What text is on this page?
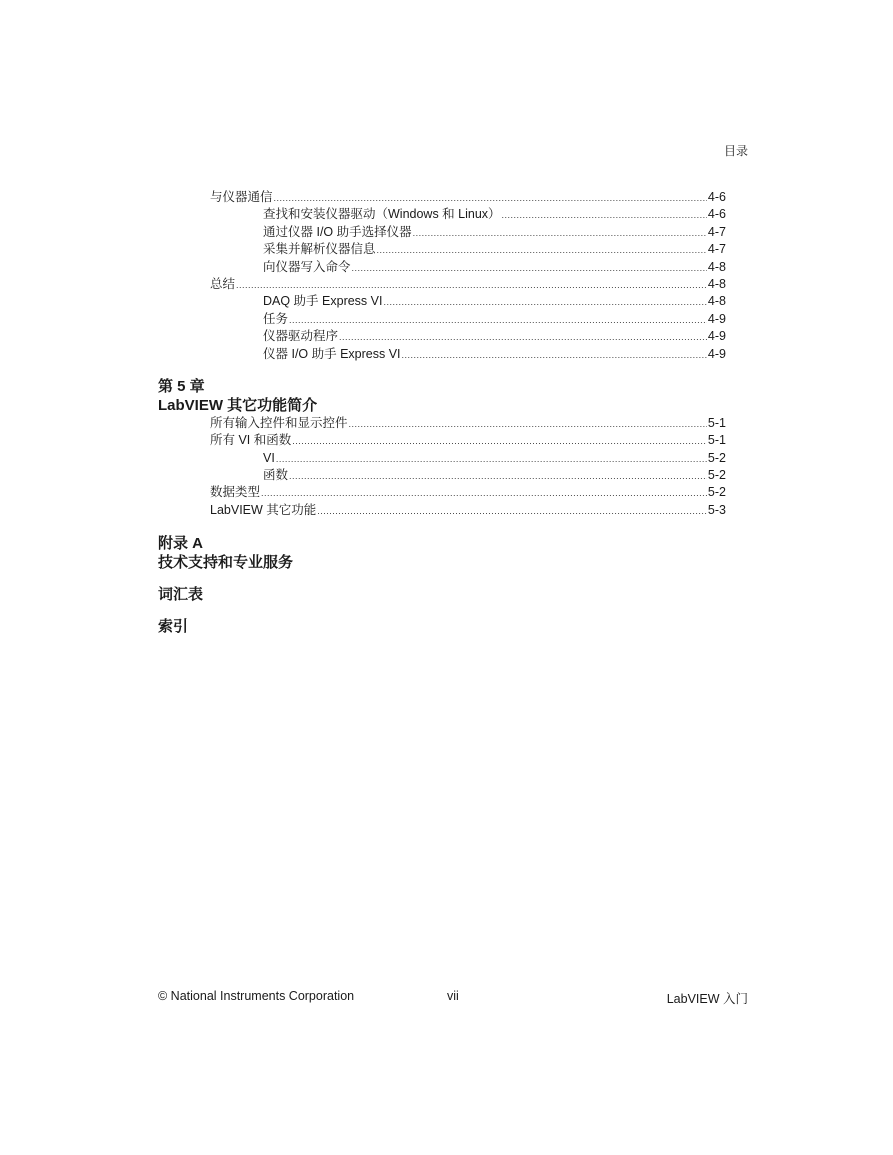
目录
与仪器通信 .....	4-6
查找和安装仪器驱动（Windows 和 Linux） .....	4-6
通过仪器 I/O 助手选择仪器 .....	4-7
采集并解析仪器信息 .....	4-7
向仪器写入命令 .....	4-8
总结 .....	4-8
DAQ 助手 Express VI .....	4-8
任务 .....	4-9
仪器驱动程序 .....	4-9
仪器 I/O 助手 Express VI .....	4-9
第 5 章
LabVIEW 其它功能简介
所有输入控件和显示控件 .....	5-1
所有 VI 和函数 .....	5-1
VI .....	5-2
函数 .....	5-2
数据类型 .....	5-2
LabVIEW 其它功能 .....	5-3
附录 A
技术支持和专业服务
词汇表
索引
© National Instruments Corporation	vii	LabVIEW 入门
